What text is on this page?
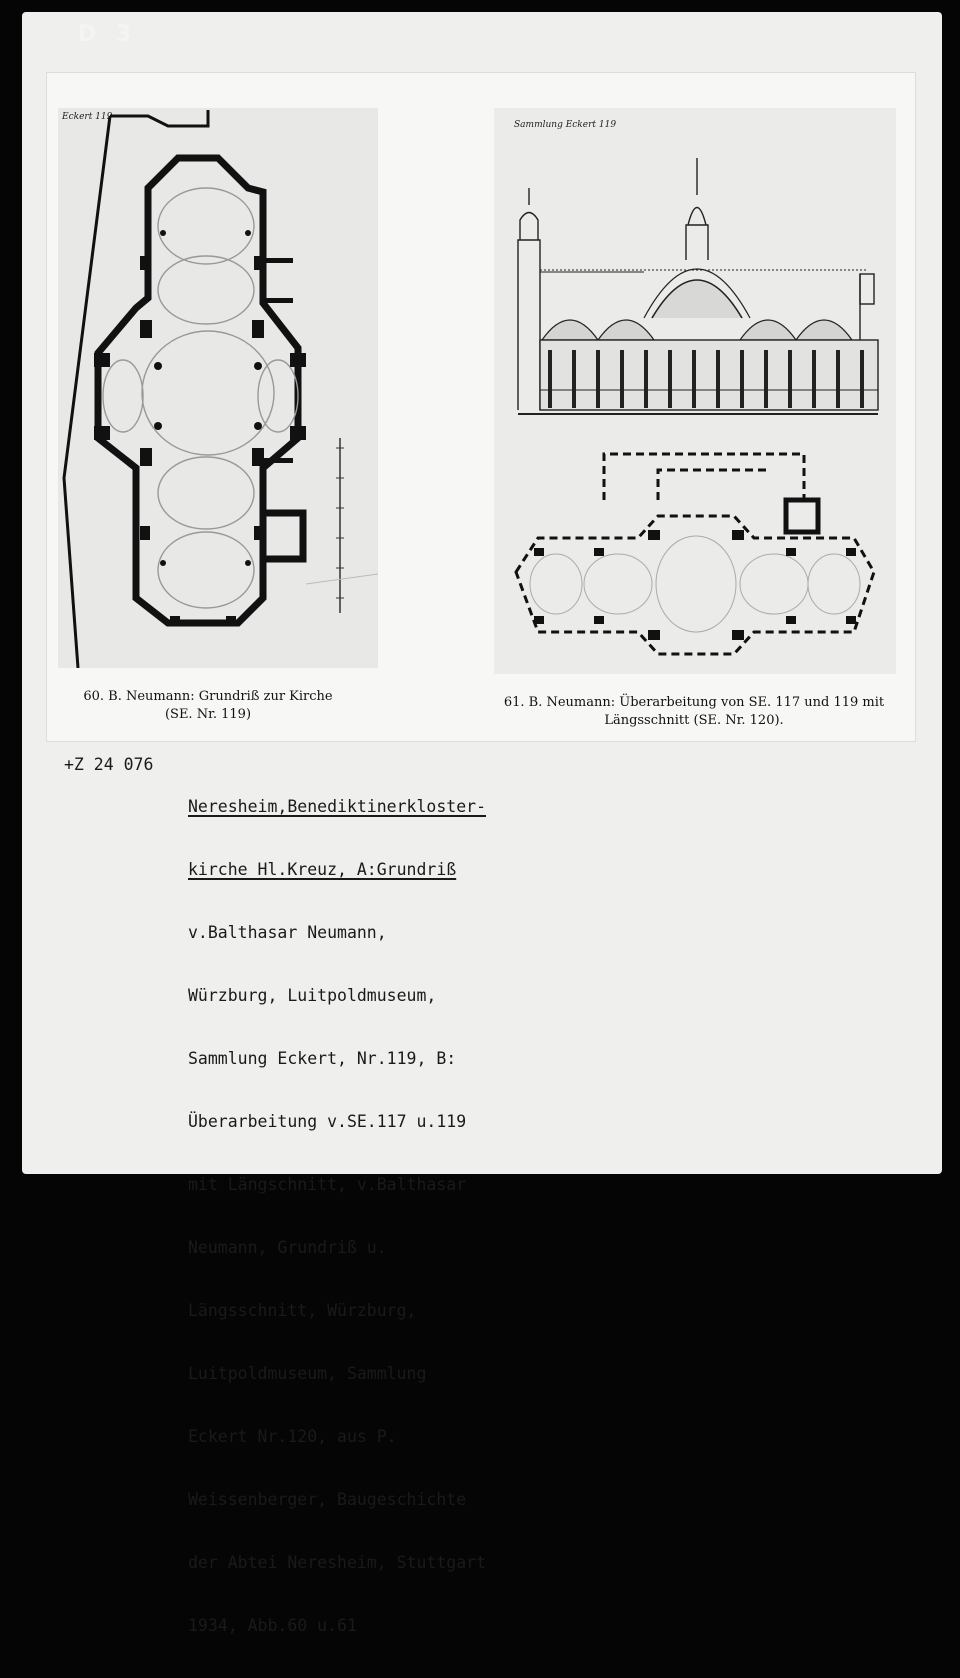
D 3
Eckert 119
60. B. Neumann: Grundriß zur Kirche
(SE. Nr. 119)
Sammlung Eckert 119
61. B. Neumann: Überarbeitung von SE. 117 und 119 mit
Längsschnitt (SE. Nr. 120).

+Z 24 076

Neresheim,Benediktinerkloster-

kirche Hl.Kreuz, A:Grundriß

v.Balthasar Neumann,

Würzburg, Luitpoldmuseum,

Sammlung Eckert, Nr.119, B:

Überarbeitung v.SE.117 u.119

mit Längschnitt, v.Balthasar

Neumann, Grundriß u.

Längsschnitt, Würzburg,

Luitpoldmuseum, Sammlung

Eckert Nr.120, aus P.

Weissenberger, Baugeschichte

der Abtei Neresheim, Stuttgart

1934, Abb.60 u.61
